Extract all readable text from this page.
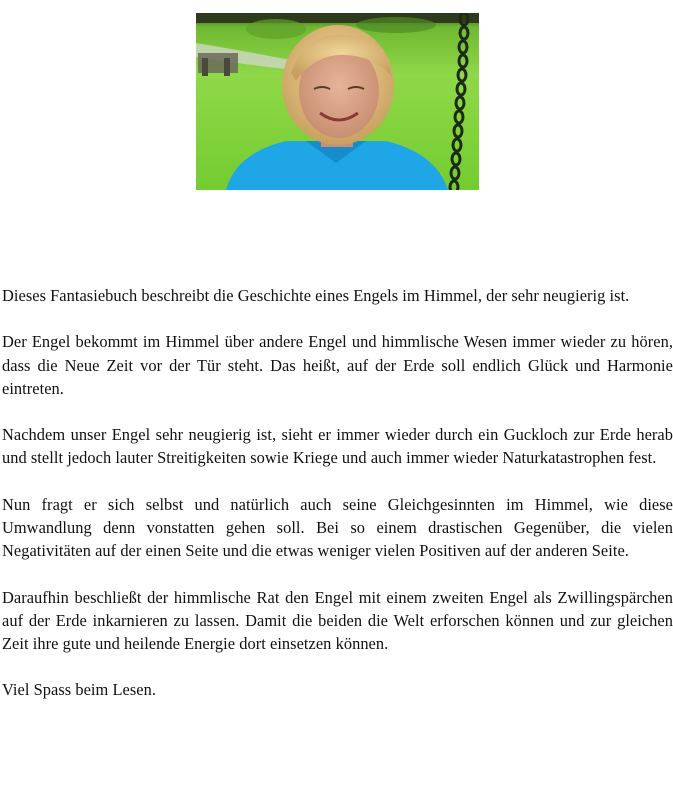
Dieses Fantasiebuch beschreibt die Geschichte eines Engels im Himmel, der sehr neugierig ist.

Der Engel bekommt im Himmel über andere Engel und himmlische Wesen immer wieder zu hören, dass die Neue Zeit vor der Tür steht. Das heißt, auf der Erde soll endlich Glück und Harmonie eintreten.

Nachdem unser Engel sehr neugierig ist, sieht er immer wieder durch ein Guckloch zur Erde herab und stellt jedoch lauter Streitigkeiten sowie Kriege und auch immer wieder Naturkatastrophen fest.

Nun fragt er sich selbst und natürlich auch seine Gleichgesinnten im Himmel, wie diese Umwandlung denn vonstatten gehen soll. Bei so einem drastischen Gegenüber, die vielen Negativitäten auf der einen Seite und die etwas weniger vielen Positiven auf der anderen Seite.

Daraufhin beschließt der himmlische Rat den Engel mit einem zweiten Engel als Zwillingspärchen auf der Erde inkarnieren zu lassen. Damit die beiden die Welt erforschen können und zur gleichen Zeit ihre gute und heilende Energie dort einsetzen können.

Viel Spass beim Lesen.
